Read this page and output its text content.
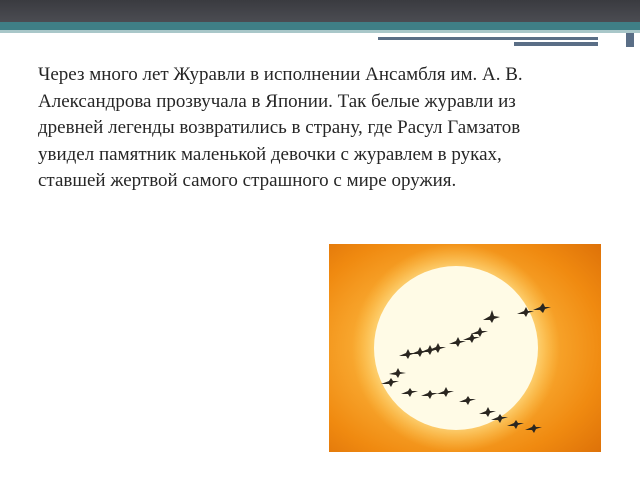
Через много лет Журавли в исполнении Ансамбля им. А. В. Александрова прозвучала в Японии. Так белые журавли из древней легенды возвратились в страну, где Расул Гамзатов увидел памятник маленькой девочки с журавлем в руках, ставшей жертвой самого страшного с мире оружия.
